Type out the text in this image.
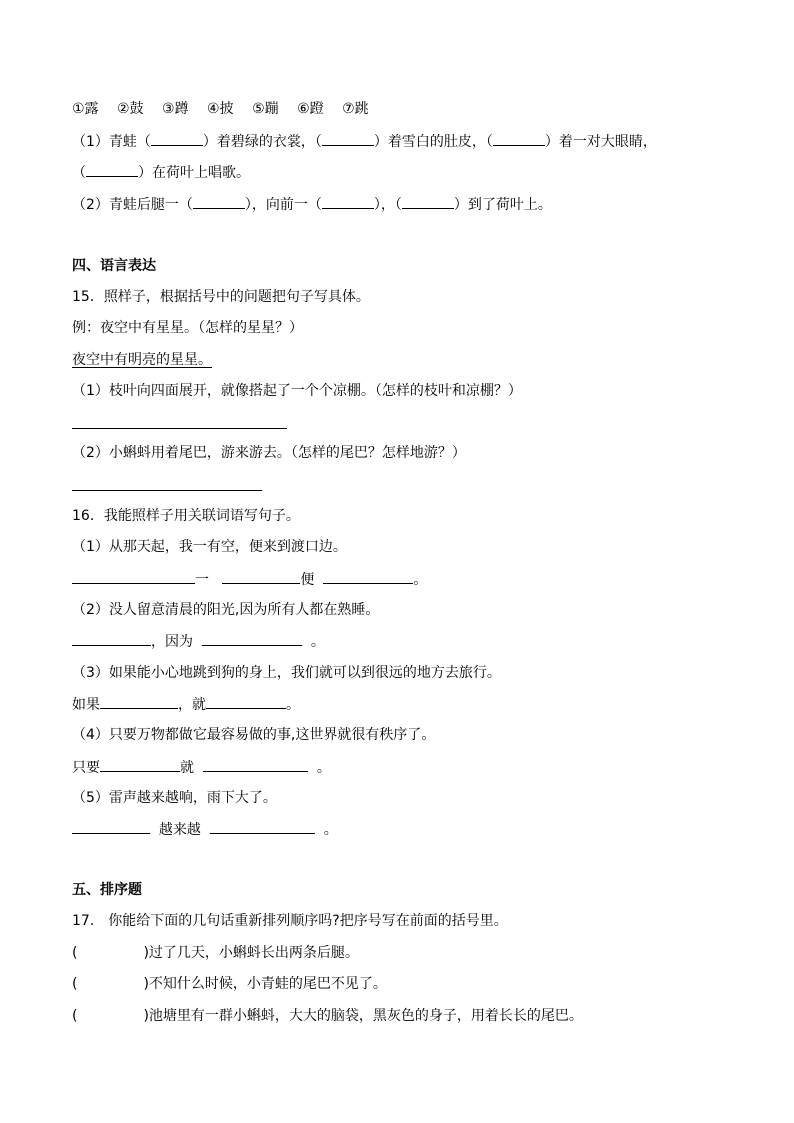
①露 ②鼓 ③蹲 ④披 ⑤蹦 ⑥蹬 ⑦跳
（1）青蛙（	）着碧绿的衣裳，（	）着雪白的肚皮，（	）着一对大眼睛，
（	）在荷叶上唱歌。
（2）青蛙后腿一（	），向前一（	），（	）到了荷叶上。
四、语言表达
15．照样子，根据括号中的问题把句子写具体。
例：夜空中有星星。（怎样的星星？）
夜空中有明亮的星星。
（1）枝叶向四面展开，就像搭起了一个个凉棚。（怎样的枝叶和凉棚？）
（2）小蝌蚪用着尾巴，游来游去。（怎样的尾巴？怎样地游？）
16．我能照样子用关联词语写句子。
（1）从那天起，我一有空，便来到渡口边。
一	便	。
（2）没人留意清晨的阳光,因为所有人都在熟睡。
，因为	。
（3）如果能小心地跳到狗的身上，我们就可以到很远的地方去旅行。
如果	，就	。
（4）只要万物都做它最容易做的事,这世界就很有秩序了。
只要	就	。
（5）雷声越来越响，雨下大了。
越来越	。
五、排序题
17.　你能给下面的几句话重新排列顺序吗?把序号写在前面的括号里。
(	)过了几天，小蝌蚪长出两条后腿。
(	)不知什么时候，小青蛙的尾巴不见了。
(	)池塘里有一群小蝌蚪，大大的脑袋，黑灰色的身子，用着长长的尾巴。
